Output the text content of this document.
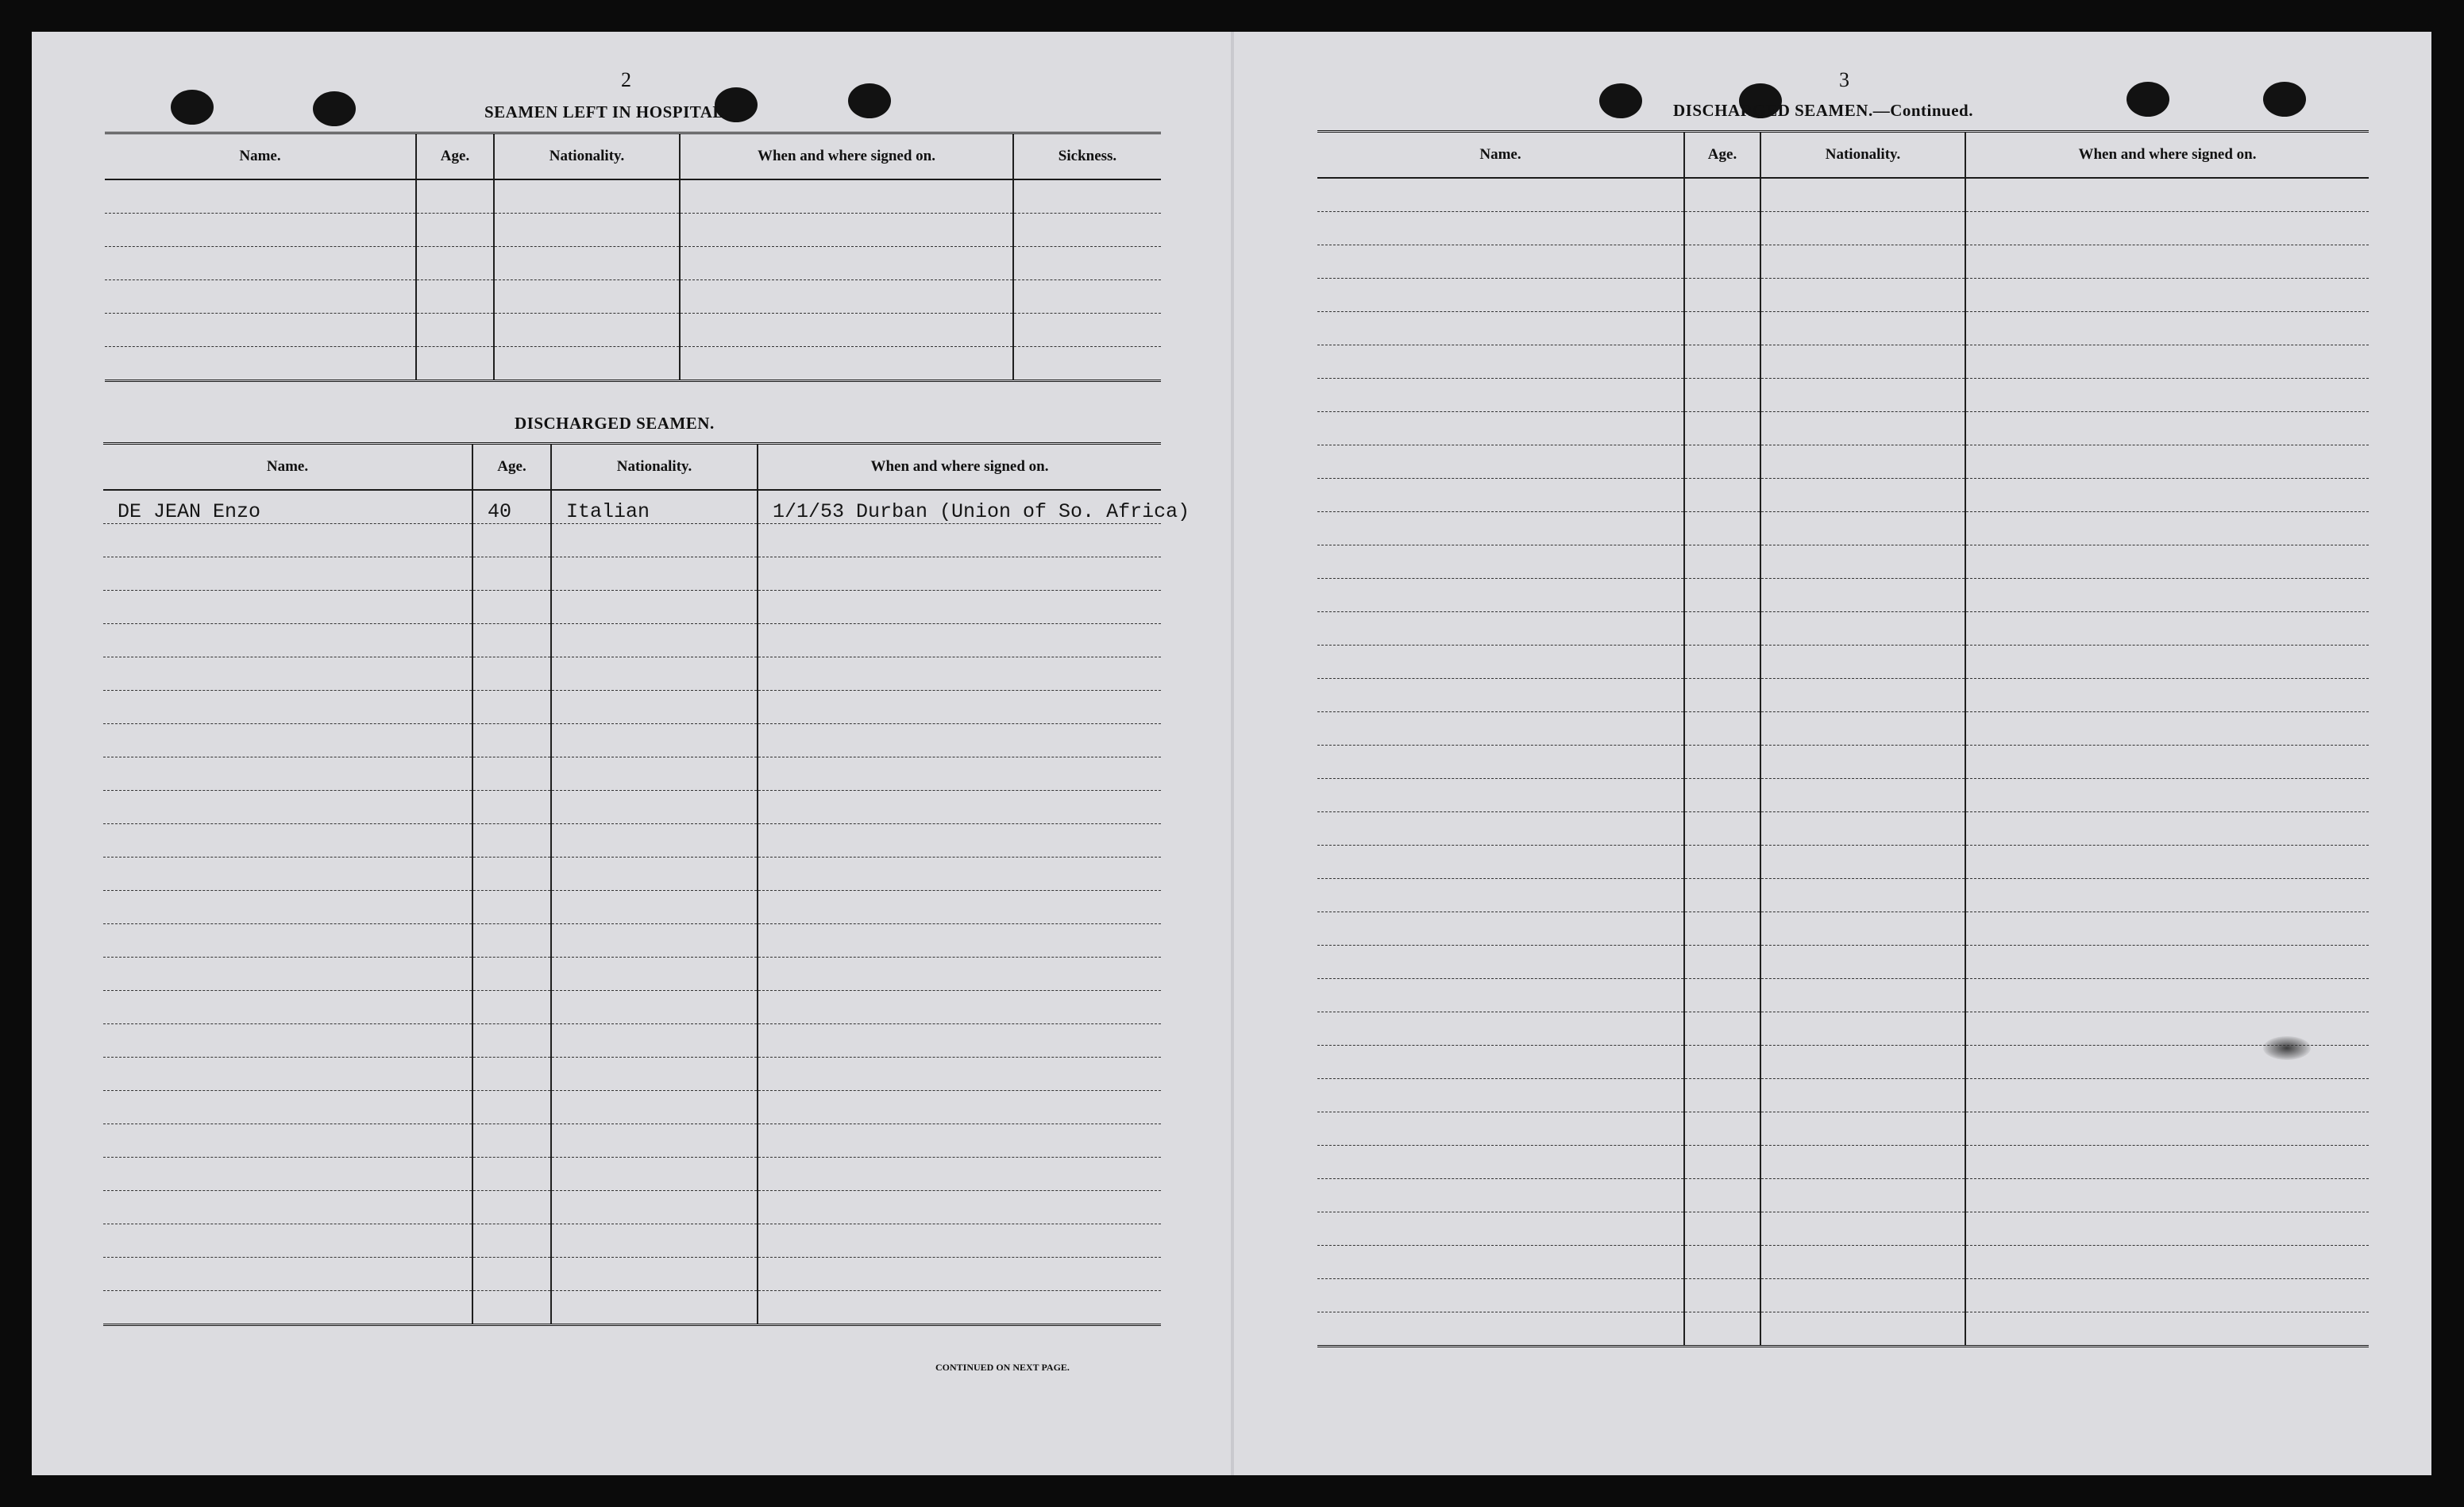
2
SEAMEN LEFT IN HOSPITAL.
Name.	Age.	Nationality.	When and where signed on.	Sickness.

DISCHARGED SEAMEN.
Name.	Age.	Nationality.	When and where signed on.
DE JEAN Enzo	40	Italian	1/1/53 Durban (Union of So. Africa)

CONTINUED ON NEXT PAGE.
3
DISCHARGED SEAMEN.—Continued.
Name.	Age.	Nationality.	When and where signed on.
